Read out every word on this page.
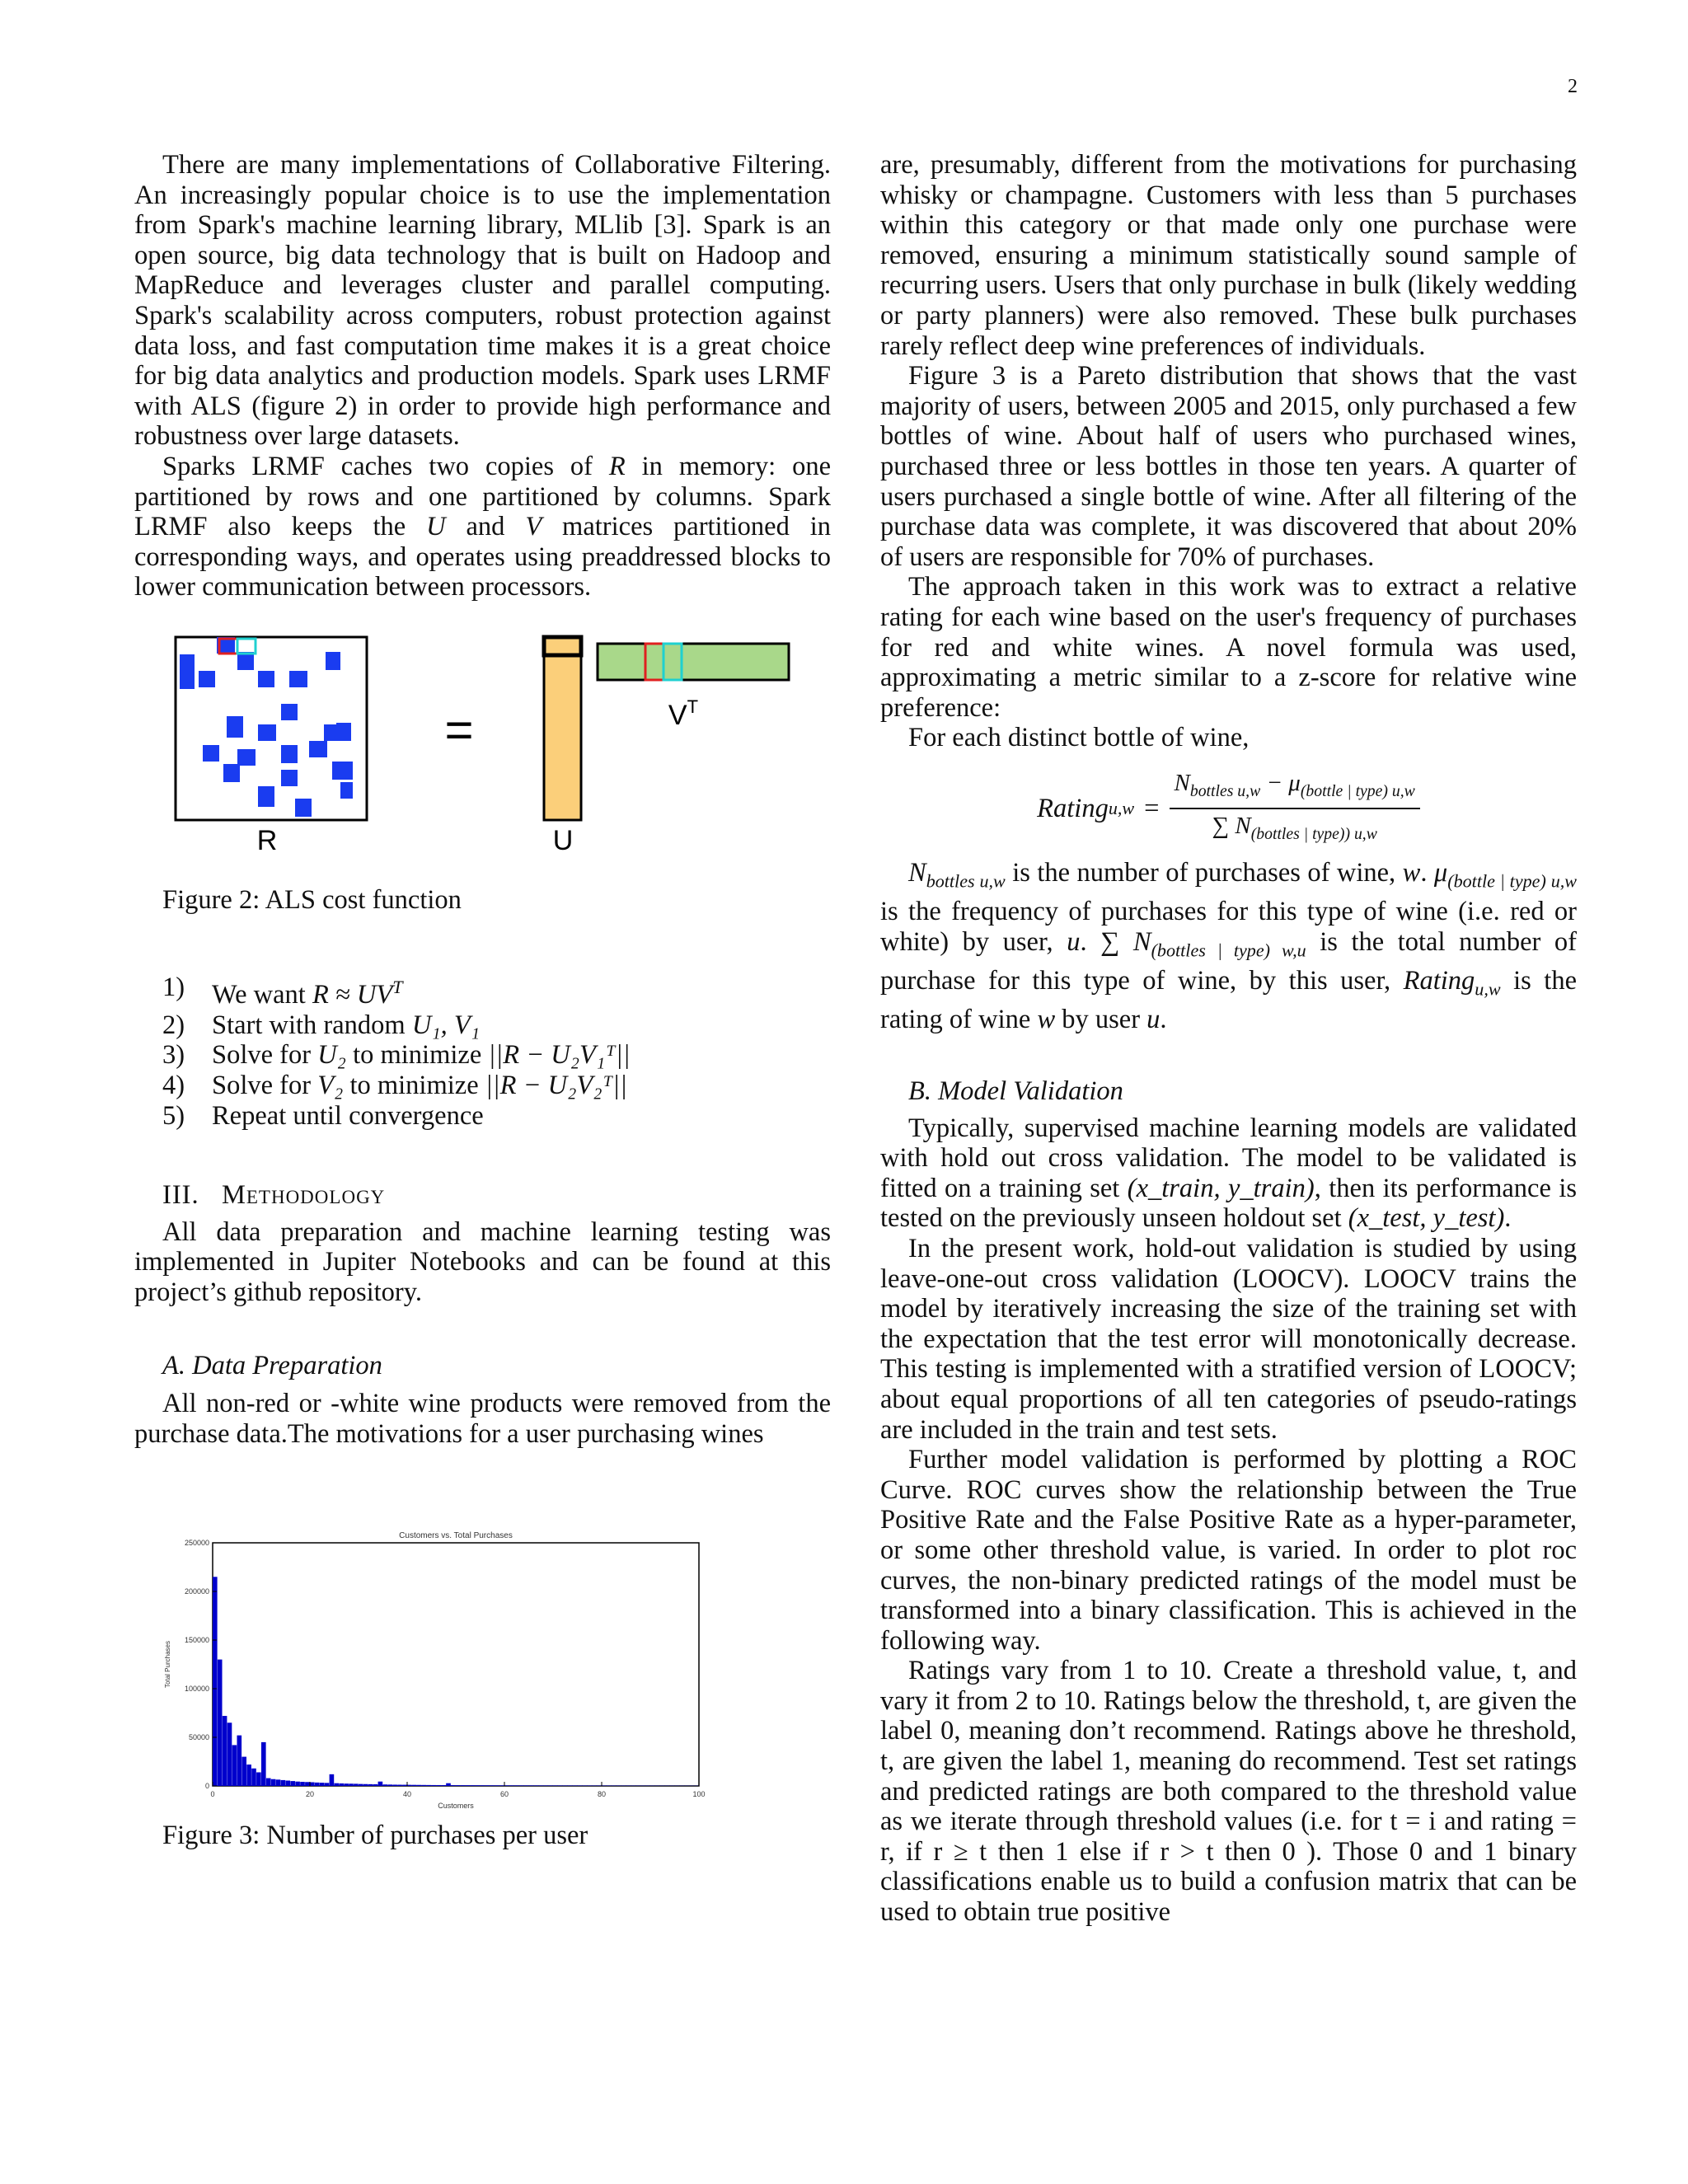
2

There are many implementations of Collaborative Filtering. An increasingly popular choice is to use the implementation from Spark's machine learning library, MLlib [3]. Spark is an open source, big data technology that is built on Hadoop and MapReduce and leverages cluster and parallel computing. Spark's scalability across computers, robust protection against data loss, and fast computation time makes it is a great choice for big data analytics and production models. Spark uses LRMF with ALS (figure 2) in order to provide high performance and robustness over large datasets.

Sparks LRMF caches two copies of R in memory: one partitioned by rows and one partitioned by columns. Spark LRMF also keeps the U and V matrices partitioned in corresponding ways, and operates using preaddressed blocks to lower communication between processors.

R
=
U
$V^T$

Figure 2: ALS cost function

1)	We want $R \approx UV^T$
2)	Start with random U₁, V₁
3)	Solve for U₂ to minimize ||R − U₂V₁ᵀ||
4)	Solve for V₂ to minimize ||R − U₂V₂ᵀ||
5)	Repeat until convergence

III. Methodology

All data preparation and machine learning testing was implemented in Jupiter Notebooks and can be found at this project’s github repository.

A. Data Preparation

All non-red or -white wine products were removed from the purchase data.The motivations for a user purchasing wines

0	20	40	60	80	100
0
50000
100000
150000
200000
250000
Customers vs. Total Purchases
Customers
Total Purchases

Figure 3: Number of purchases per user

are, presumably, different from the motivations for purchasing whisky or champagne. Customers with less than 5 purchases within this category or that made only one purchase were removed, ensuring a minimum statistically sound sample of recurring users. Users that only purchase in bulk (likely wedding or party planners) were also removed. These bulk purchases rarely reflect deep wine preferences of individuals.

Figure 3 is a Pareto distribution that shows that the vast majority of users, between 2005 and 2015, only purchased a few bottles of wine. About half of users who purchased wines, purchased three or less bottles in those ten years. A quarter of users purchased a single bottle of wine. After all filtering of the purchase data was complete, it was discovered that about 20% of users are responsible for 70% of purchases.

The approach taken in this work was to extract a relative rating for each wine based on the user's frequency of purchases for red and white wines. A novel formula was used, approximating a metric similar to a z-score for relative wine preference:

For each distinct bottle of wine,

Rating $u,w = \frac{N_{bottles u,w} - \mu_{(bottle | type) u,w}}{\sum N_{(bottles | type)) u,w}}$

$N_{bottles u,w}$ is the number of purchases of wine, w. $\mu_{(bottle | type) u,w}$ is the frequency of purchases for this type of wine (i.e. red or white) by user, u. ∑ $N_{(bottles | type) w,u}$ is the total number of purchase for this type of wine, by this user, Rating$_{u,w}$ is the rating of wine w by user u.

B. Model Validation

Typically, supervised machine learning models are validated with hold out cross validation. The model to be validated is fitted on a training set (x_train, y_train), then its performance is tested on the previously unseen holdout set (x_test, y_test).

In the present work, hold-out validation is studied by using leave-one-out cross validation (LOOCV). LOOCV trains the model by iteratively increasing the size of the training set with the expectation that the test error will monotonically decrease. This testing is implemented with a stratified version of LOOCV; about equal proportions of all ten categories of pseudo-ratings are included in the train and test sets.

Further model validation is performed by plotting a ROC Curve. ROC curves show the relationship between the True Positive Rate and the False Positive Rate as a hyper-parameter, or some other threshold value, is varied. In order to plot roc curves, the non-binary predicted ratings of the model must be transformed into a binary classification. This is achieved in the following way.

Ratings vary from 1 to 10. Create a threshold value, t, and vary it from 2 to 10. Ratings below the threshold, t, are given the label 0, meaning don’t recommend. Ratings above he threshold, t, are given the label 1, meaning do recommend. Test set ratings and predicted ratings are both compared to the threshold value as we iterate through threshold values (i.e. for t = i and rating = r, if r ≥ t then 1 else if r > t then 0 ). Those 0 and 1 binary classifications enable us to build a confusion matrix that can be used to obtain true positive
